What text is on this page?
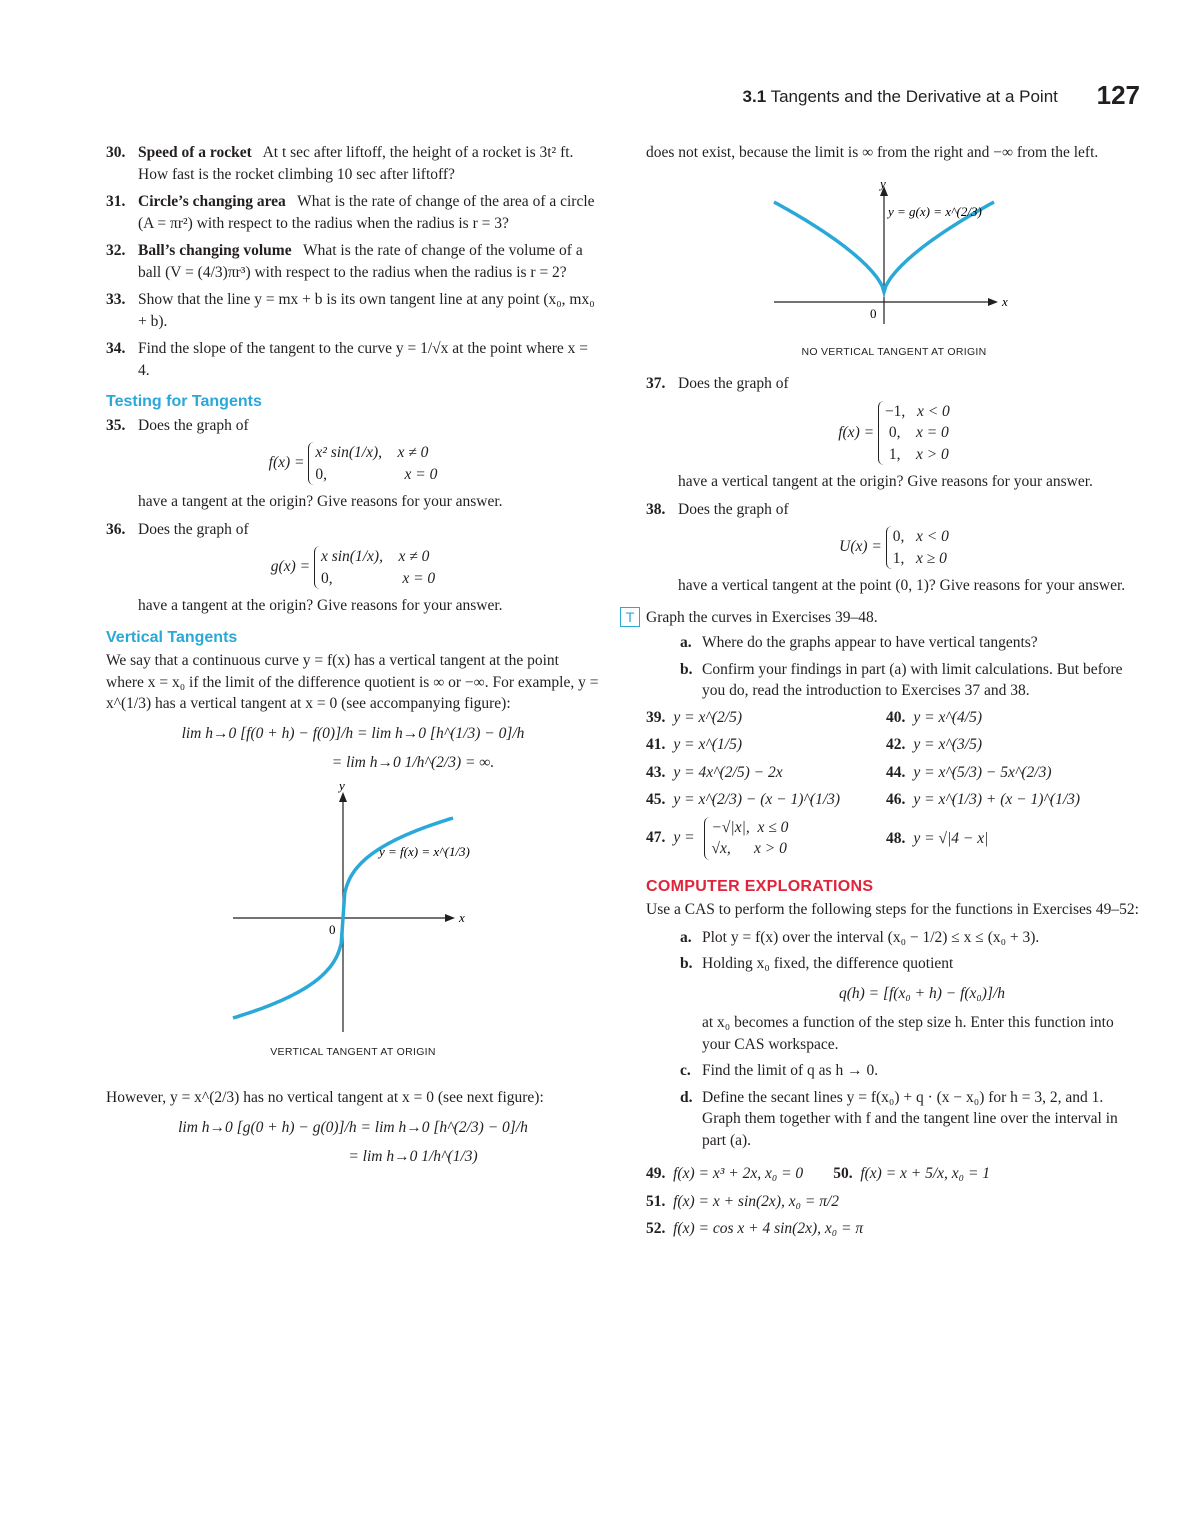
3.1 Tangents and the Derivative at a Point 127
30. Speed of a rocket At t sec after liftoff, the height of a rocket is 3t² ft. How fast is the rocket climbing 10 sec after liftoff?
31. Circle’s changing area What is the rate of change of the area of a circle (A = πr²) with respect to the radius when the radius is r = 3?
32. Ball’s changing volume What is the rate of change of the volume of a ball (V = (4/3)πr³) with respect to the radius when the radius is r = 2?
33. Show that the line y = mx + b is its own tangent line at any point (x₀, mx₀ + b).
34. Find the slope of the tangent to the curve y = 1/√x at the point where x = 4.
Testing for Tangents
35. Does the graph of
f(x) = x² sin(1/x), x ≠ 0
0,	x = 0
have a tangent at the origin? Give reasons for your answer.
36. Does the graph of
g(x) = x sin(1/x), x ≠ 0
0,	x = 0
have a tangent at the origin? Give reasons for your answer.
Vertical Tangents
We say that a continuous curve y = f(x) has a vertical tangent at the point where x = x₀ if the limit of the difference quotient is ∞ or −∞. For example, y = x^(1/3) has a vertical tangent at x = 0 (see accompanying figure):
lim h→0 [f(0 + h) − f(0)]/h = lim h→0 [h^(1/3) − 0]/h
= lim h→0 1/h^(2/3) = ∞.
y
x
0
y = f(x) = x^(1/3)
VERTICAL TANGENT AT ORIGIN
However, y = x^(2/3) has no vertical tangent at x = 0 (see next figure):
lim h→0 [g(0 + h) − g(0)]/h = lim h→0 [h^(2/3) − 0]/h
= lim h→0 1/h^(1/3)
does not exist, because the limit is ∞ from the right and −∞ from the left.
y
x
0
y = g(x) = x^(2/3)
NO VERTICAL TANGENT AT ORIGIN
37. Does the graph of
f(x) = −1, x < 0
0, x = 0
1, x > 0
have a vertical tangent at the origin? Give reasons for your answer.
38. Does the graph of
U(x) = 0, x < 0
1, x ≥ 0
have a vertical tangent at the point (0, 1)? Give reasons for your answer.
T Graph the curves in Exercises 39–48.
a. Where do the graphs appear to have vertical tangents?
b. Confirm your findings in part (a) with limit calculations. But before you do, read the introduction to Exercises 37 and 38.
39. y = x^(2/5)	40. y = x^(4/5)
41. y = x^(1/5)	42. y = x^(3/5)
43. y = 4x^(2/5) − 2x	44. y = x^(5/3) − 5x^(2/3)
45. y = x^(2/3) − (x − 1)^(1/3)	46. y = x^(1/3) + (x − 1)^(1/3)
47. y = −√|x|, x ≤ 0
√x, x > 0
48. y = √|4 − x|
COMPUTER EXPLORATIONS
Use a CAS to perform the following steps for the functions in Exercises 49–52:
a. Plot y = f(x) over the interval (x₀ − 1/2) ≤ x ≤ (x₀ + 3).
b. Holding x₀ fixed, the difference quotient
q(h) = [f(x₀ + h) − f(x₀)]/h
at x₀ becomes a function of the step size h. Enter this function into your CAS workspace.
c. Find the limit of q as h → 0.
d. Define the secant lines y = f(x₀) + q · (x − x₀) for h = 3, 2, and 1. Graph them together with f and the tangent line over the interval in part (a).
49. f(x) = x³ + 2x, x₀ = 0 50. f(x) = x + 5/x, x₀ = 1
51. f(x) = x + sin(2x), x₀ = π/2
52. f(x) = cos x + 4 sin(2x), x₀ = π
